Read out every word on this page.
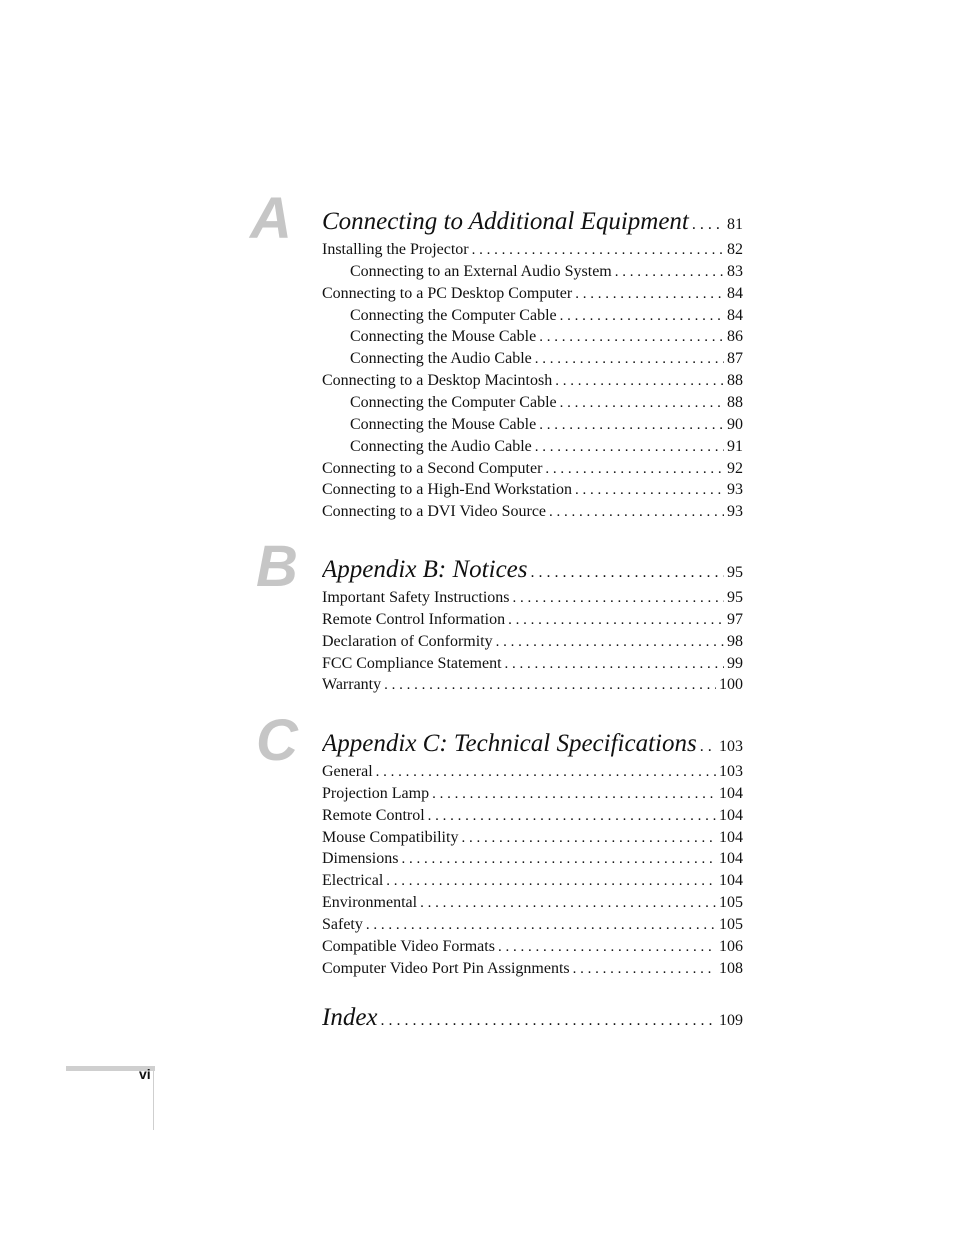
A Connecting to Additional Equipment . . . 81
Installing the Projector . . .	82
Connecting to an External Audio System . . .	83
Connecting to a PC Desktop Computer . . .	84
Connecting the Computer Cable . . .	84
Connecting the Mouse Cable . . .	86
Connecting the Audio Cable . . .	87
Connecting to a Desktop Macintosh . . .	88
Connecting the Computer Cable . . .	88
Connecting the Mouse Cable . . .	90
Connecting the Audio Cable . . .	91
Connecting to a Second Computer . . .	92
Connecting to a High-End Workstation . . .	93
Connecting to a DVI Video Source . . .	93
B Appendix B: Notices . . .	95
Important Safety Instructions . . .	95
Remote Control Information . . .	97
Declaration of Conformity . . .	98
FCC Compliance Statement . . .	99
Warranty . . .	100
C Appendix C: Technical Specifications . . . 103
General . . .	103
Projection Lamp . . .	104
Remote Control . . .	104
Mouse Compatibility . . .	104
Dimensions . . .	104
Electrical . . .	104
Environmental . . .	105
Safety . . .	105
Compatible Video Formats . . .	106
Computer Video Port Pin Assignments . . .	108
Index . . .	109
vi
